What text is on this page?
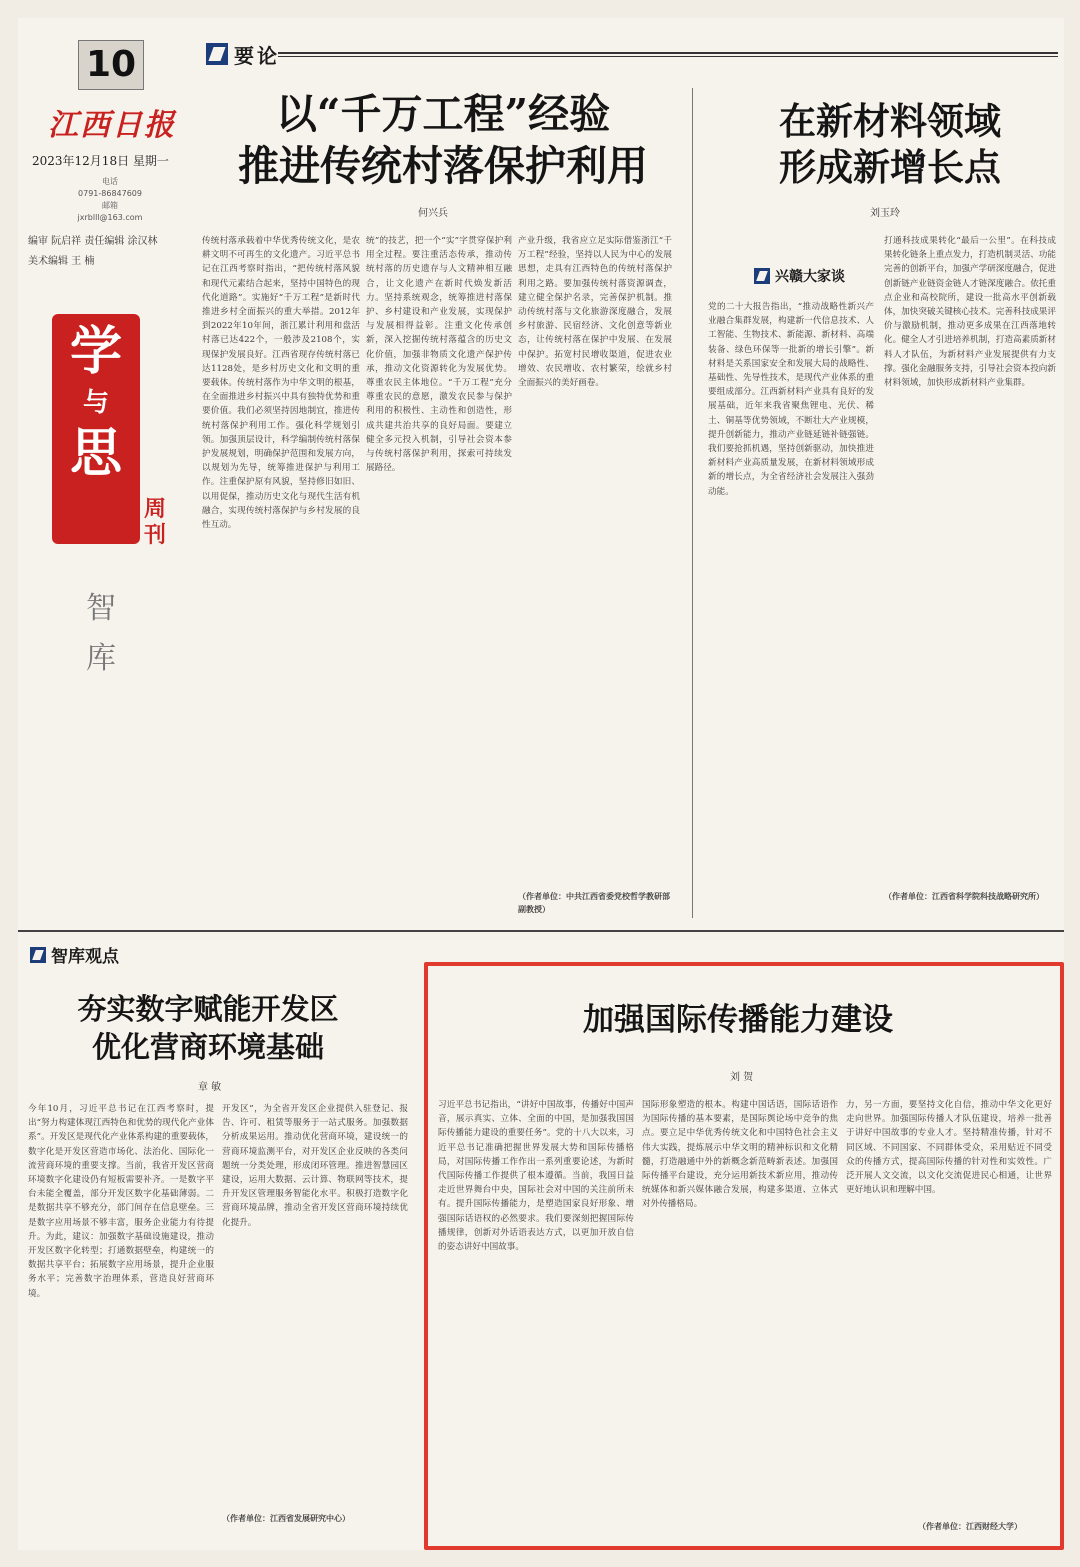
10	要论
江西日报
2023年12月18日 星期一
电话
0791-86847609
邮箱
jxrblll@163.com
编审 阮启祥 责任编辑 涂汉林
美术编辑 王 楠
学
与
思
周刊
智库
以“千万工程”经验
推进传统村落保护利用
何兴兵
传统村落承载着中华优秀传统文化，是农耕文明不可再生的文化遗产。习近平总书记在江西考察时指出，“把传统村落风貌和现代元素结合起来，坚持中国特色的现代化道路”。实施好“千万工程”是新时代推进乡村全面振兴的重大举措。2012年到2022年10年间，浙江累计利用和盘活村落已达422个，一般涉及2108个，实现保护发展良好。江西省现存传统村落已达1128处，是乡村历史文化和文明的重要载体。传统村落作为中华文明的根基，在全面推进乡村振兴中具有独特优势和重要价值。我们必须坚持因地制宜，推进传统村落保护利用工作。强化科学规划引领。加强顶层设计，科学编制传统村落保护发展规划，明确保护范围和发展方向，以规划为先导，统筹推进保护与利用工作。注重保护原有风貌，坚持修旧如旧、以用促保，推动历史文化与现代生活有机融合，实现传统村落保护与乡村发展的良性互动。
统”的技艺，把一个“实”字贯穿保护利用全过程。要注重活态传承，推动传统村落的历史遗存与人文精神相互融合，让文化遗产在新时代焕发新活力。坚持系统观念，统筹推进村落保护、乡村建设和产业发展，实现保护与发展相得益彰。注重文化传承创新，深入挖掘传统村落蕴含的历史文化价值，加强非物质文化遗产保护传承，推动文化资源转化为发展优势。尊重农民主体地位。“千万工程”充分尊重农民的意愿，激发农民参与保护利用的积极性、主动性和创造性，形成共建共治共享的良好局面。要建立健全多元投入机制，引导社会资本参与传统村落保护利用，探索可持续发展路径。
产业升级，我省应立足实际借鉴浙江“千万工程”经验，坚持以人民为中心的发展思想，走具有江西特色的传统村落保护利用之路。要加强传统村落资源调查，建立健全保护名录，完善保护机制。推动传统村落与文化旅游深度融合，发展乡村旅游、民宿经济、文化创意等新业态，让传统村落在保护中发展、在发展中保护。拓宽村民增收渠道，促进农业增效、农民增收、农村繁荣，绘就乡村全面振兴的美好画卷。
（作者单位：中共江西省委党校哲学教研部副教授）
在新材料领域
形成新增长点
刘玉玲
兴赣大家谈
党的二十大报告指出，“推动战略性新兴产业融合集群发展，构建新一代信息技术、人工智能、生物技术、新能源、新材料、高端装备、绿色环保等一批新的增长引擎”。新材料是关系国家安全和发展大局的战略性、基础性、先导性技术，是现代产业体系的重要组成部分。江西新材料产业具有良好的发展基础，近年来我省聚焦锂电、光伏、稀土、铜基等优势领域，不断壮大产业规模，提升创新能力，推动产业链延链补链强链。我们要抢抓机遇，坚持创新驱动，加快推进新材料产业高质量发展，在新材料领域形成新的增长点，为全省经济社会发展注入强劲动能。
打通科技成果转化“最后一公里”。在科技成果转化链条上重点发力，打造机制灵活、功能完善的创新平台，加强产学研深度融合，促进创新链产业链资金链人才链深度融合。依托重点企业和高校院所，建设一批高水平创新载体，加快突破关键核心技术。完善科技成果评价与激励机制，推动更多成果在江西落地转化。健全人才引进培养机制，打造高素质新材料人才队伍，为新材料产业发展提供有力支撑。强化金融服务支持，引导社会资本投向新材料领域，加快形成新材料产业集群。
（作者单位：江西省科学院科技战略研究所）
智库观点
夯实数字赋能开发区
优化营商环境基础
章 敏
今年10月，习近平总书记在江西考察时，提出“努力构建体现江西特色和优势的现代化产业体系”。开发区是现代化产业体系构建的重要载体，数字化是开发区营造市场化、法治化、国际化一流营商环境的重要支撑。当前，我省开发区营商环境数字化建设仍有短板需要补齐。一是数字平台未能全覆盖，部分开发区数字化基础薄弱。二是数据共享不够充分，部门间存在信息壁垒。三是数字应用场景不够丰富，服务企业能力有待提升。为此，建议：加强数字基础设施建设，推动开发区数字化转型；打通数据壁垒，构建统一的数据共享平台；拓展数字应用场景，提升企业服务水平；完善数字治理体系，营造良好营商环境。
开发区”，为全省开发区企业提供入驻登记、报告、许可、租赁等服务于一站式服务。加强数据分析成果运用。推动优化营商环境，建设统一的营商环境监测平台，对开发区企业反映的各类问题统一分类处理，形成闭环管理。推进智慧园区建设，运用大数据、云计算、物联网等技术，提升开发区管理服务智能化水平。积极打造数字化营商环境品牌，推动全省开发区营商环境持续优化提升。
（作者单位：江西省发展研究中心）
加强国际传播能力建设
刘 贺
习近平总书记指出，“讲好中国故事，传播好中国声音，展示真实、立体、全面的中国，是加强我国国际传播能力建设的重要任务”。党的十八大以来，习近平总书记准确把握世界发展大势和国际传播格局，对国际传播工作作出一系列重要论述，为新时代国际传播工作提供了根本遵循。当前，我国日益走近世界舞台中央，国际社会对中国的关注前所未有。提升国际传播能力，是塑造国家良好形象、增强国际话语权的必然要求。我们要深刻把握国际传播规律，创新对外话语表达方式，以更加开放自信的姿态讲好中国故事。
国际形象塑造的根本。构建中国话语，国际话语作为国际传播的基本要素，是国际舆论场中竞争的焦点。要立足中华优秀传统文化和中国特色社会主义伟大实践，提炼展示中华文明的精神标识和文化精髓，打造融通中外的新概念新范畴新表述。加强国际传播平台建设，充分运用新技术新应用，推动传统媒体和新兴媒体融合发展，构建多渠道、立体式对外传播格局。
力，另一方面，要坚持文化自信，推动中华文化更好走向世界。加强国际传播人才队伍建设，培养一批善于讲好中国故事的专业人才。坚持精准传播，针对不同区域、不同国家、不同群体受众，采用贴近不同受众的传播方式，提高国际传播的针对性和实效性。广泛开展人文交流，以文化交流促进民心相通，让世界更好地认识和理解中国。
（作者单位：江西财经大学）
